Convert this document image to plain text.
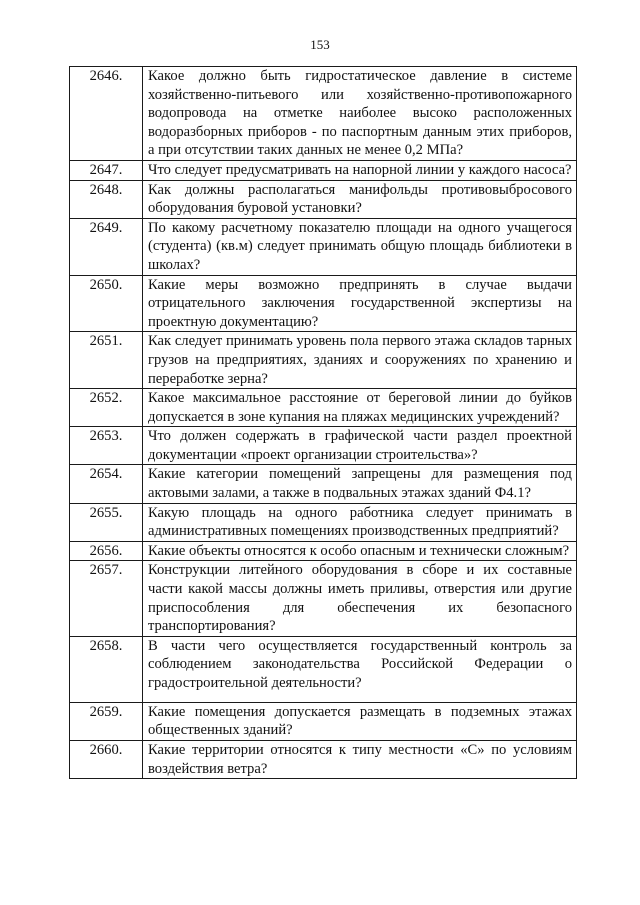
153
2646.	Какое должно быть гидростатическое давление в системе хозяйственно-питьевого или хозяйственно-противопожарного водопровода на отметке наиболее высоко расположенных водоразборных приборов - по паспортным данным этих приборов, а при отсутствии таких данных не менее 0,2 МПа?
2647.	Что следует предусматривать на напорной линии у каждого насоса?
2648.	Как должны располагаться манифольды противовыбросового оборудования буровой установки?
2649.	По какому расчетному показателю площади на одного учащегося (студента) (кв.м) следует принимать общую площадь библиотеки в школах?
2650.	Какие меры возможно предпринять в случае выдачи отрицательного заключения государственной экспертизы на проектную документацию?
2651.	Как следует принимать уровень пола первого этажа складов тарных грузов на предприятиях, зданиях и сооружениях по хранению и переработке зерна?
2652.	Какое максимальное расстояние от береговой линии до буйков допускается в зоне купания на пляжах медицинских учреждений?
2653.	Что должен содержать в графической части раздел проектной документации «проект организации строительства»?
2654.	Какие категории помещений запрещены для размещения под актовыми залами, а также в подвальных этажах зданий Ф4.1?
2655.	Какую площадь на одного работника следует принимать в административных помещениях производственных предприятий?
2656.	Какие объекты относятся к особо опасным и технически сложным?
2657.	Конструкции литейного оборудования в сборе и их составные части какой массы должны иметь приливы, отверстия или другие приспособления для обеспечения их безопасного транспортирования?
2658.	В части чего осуществляется государственный контроль за соблюдением законодательства Российской Федерации о градостроительной деятельности?
2659.	Какие помещения допускается размещать в подземных этажах общественных зданий?
2660.	Какие территории относятся к типу местности «С» по условиям воздействия ветра?
